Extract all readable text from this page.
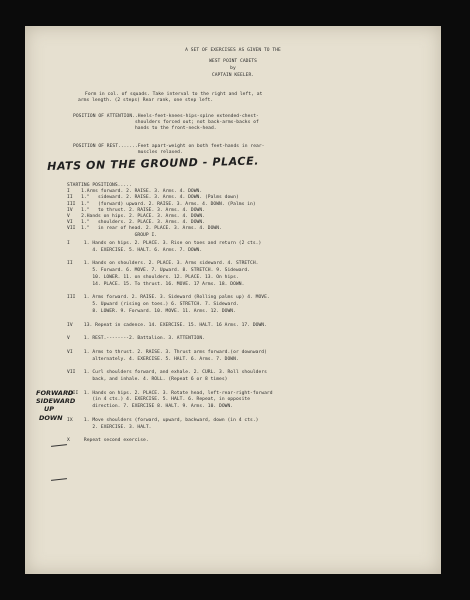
A SET OF EXERCISES AS GIVEN TO THE
WEST POINT CADETS
by
CAPTAIN KEELER.
Form in col. of squads. Take interval to the right and left, at
arms length. (2 steps) Rear rank, one step left.
POSITION OF ATTENTION..Heels-feet-knees-hips-spine extended-chest-
shoulders forced out; not back-arms-backs of
hands to the front-neck-head.
POSITION OF REST.......Feet apart-weight on both feet-hands in rear-
muscles relaxed.
HATS ON THE GROUND - PLACE.
STARTING POSITIONS.....
I    1.Arms forward. 2. RAISE. 3. Arms. 4. DOWN.
II   1."   sideward. 2. RAISE. 3. Arms. 4. DOWN. (Palms down)
III  1."   (forward) upward. 2. RAISE. 3. Arms. 4. DOWN. (Palms in)
IV   1."   to thrust. 2. RAISE. 3. Arms. 4. DOWN.
V    2.Hands on hips. 2. PLACE. 3. Arms. 4. DOWN.
VI   1."   shoulders. 2. PLACE. 3. Arms. 4. DOWN.
VII  1."   in rear of head. 2. PLACE. 3. Arms. 4. DOWN.
GROUP I.
I     1. Hands on hips. 2. PLACE. 3. Rise on toes and return (2 cts.)
4. EXERCISE. 5. HALT. 6. Arms. 7. DOWN.
II    1. Hands on shoulders. 2. PLACE. 3. Arms sideward. 4. STRETCH.
5. Forward. 6. MOVE. 7. Upward. 8. STRETCH. 9. Sideward.
10. LOWER. 11. on shoulders. 12. PLACE. 13. On hips.
14. PLACE. 15. To thrust. 16. MOVE. 17 Arms. 18. DOWN.
III   1. Arms forward. 2. RAISE. 3. Sideward (Rolling palms up) 4. MOVE.
5. Upward (rising on toes.) 6. STRETCH. 7. Sideward.
8. LOWER. 9. Forward. 10. MOVE. 11. Arms. 12. DOWN.
IV    13. Repeat in cadence. 14. EXERCISE. 15. HALT. 16 Arms. 17. DOWN.
V     1. REST.--------2. Battalion. 3. ATTENTION.
VI    1. Arms to thrust. 2. RAISE. 3. Thrust arms forward.(or downward)
alternately. 4. EXERCISE. 5. HALT. 6. Arms. 7. DOWN.
VII   1. Curl shoulders forward, and exhale. 2. CURL. 3. Roll shoulders
back, and inhale. 4. ROLL. (Repeat 6 or 8 times)
VIII  1. Hands on hips. 2. PLACE. 3. Rotate head, left-rear-right-forward
(in 4 cts.) 4. EXERCISE. 5. HALT. 6. Repeat, in opposite
direction. 7. EXERCISE 8. HALT. 9. Arms. 10. DOWN.
IX    1. Move shoulders (forward, upward, backward, down (in 4 cts.)
2. EXERCISE. 3. HALT.
X     Repeat second exercise.
FORWARD
SIDEWARD
UP
DOWN
